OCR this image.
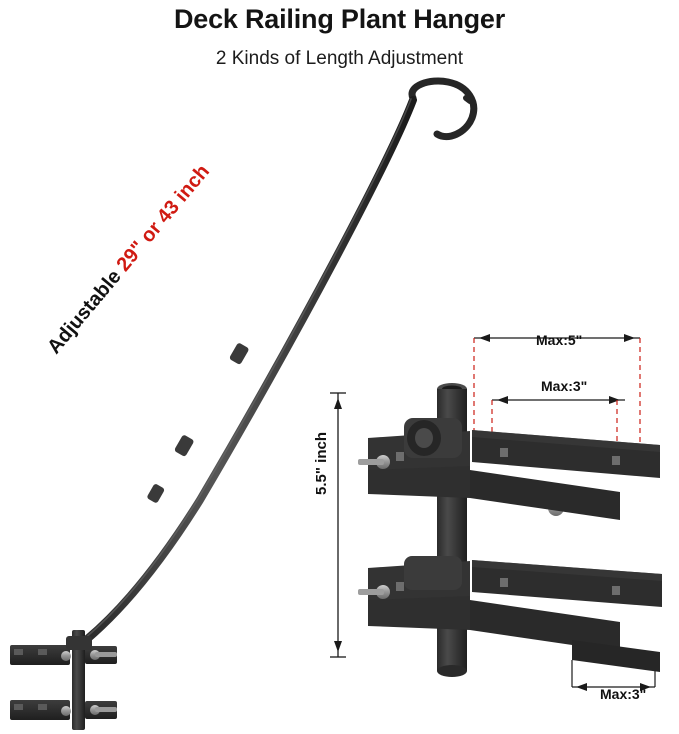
Deck Railing Plant Hanger
2 Kinds of Length Adjustment
Adjustable 29" or 43 inch
5.5" inch
Max:5"
Max:3"
Max:3"
